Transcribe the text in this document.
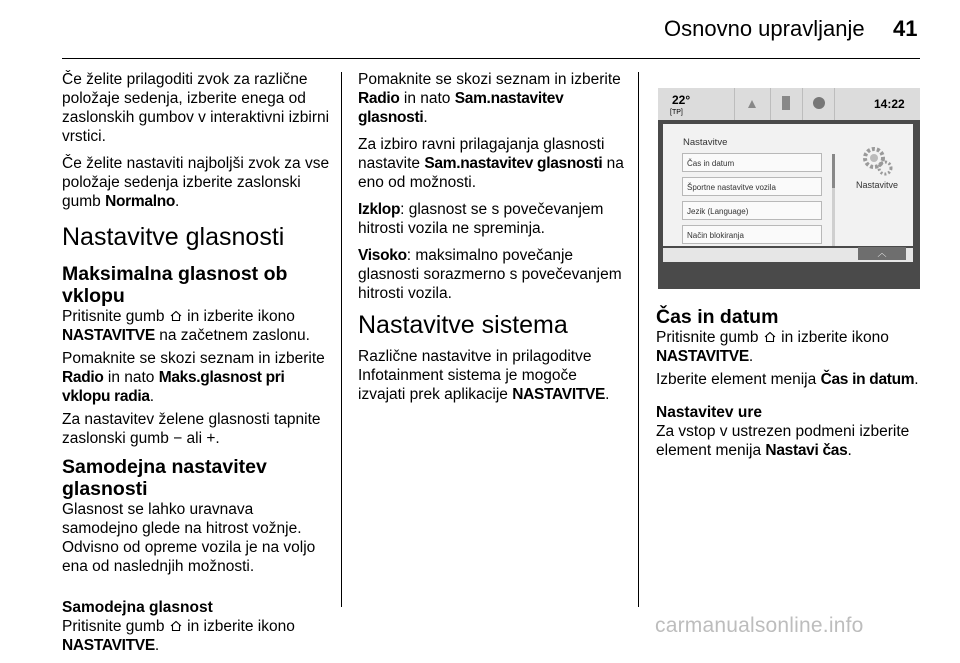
Osnovno upravljanje 41

Če želite prilagoditi zvok za različne položaje sedenja, izberite enega od zaslonskih gumbov v interaktivni izbirni vrstici.

Če želite nastaviti najboljši zvok za vse položaje sedenja izberite zaslonski gumb Normalno.

Nastavitve glasnosti
Maksimalna glasnost ob vklopu

Pritisnite gumb
in izberite ikono
NASTAVITVE na začetnem zaslonu.

Pomaknite se skozi seznam in izberite Radio in nato Maks.glasnost pri vklopu radia.

Za nastavitev želene glasnosti tapnite zaslonski gumb − ali +.

Samodejna nastavitev glasnosti

Glasnost se lahko uravnava samodejno glede na hitrost vožnje. Odvisno od opreme vozila je na voljo ena od naslednjih možnosti.

Samodejna glasnost

Pritisnite gumb
in izberite ikono
NASTAVITVE.

Pomaknite se skozi seznam in izberite Radio in nato Sam.nastavitev glasnosti.

Za izbiro ravni prilagajanja glasnosti nastavite Sam.nastavitev glasnosti na eno od možnosti.

Izklop: glasnost se s povečevanjem hitrosti vozila ne spreminja.

Visoko: maksimalno povečanje glasnosti sorazmerno s povečevanjem hitrosti vozila.

Nastavitve sistema

Različne nastavitve in prilagoditve Infotainment sistema je mogoče izvajati prek aplikacije NASTAVITVE.

22°
[TP]
14:22
Nastavitve
Čas in datum
Športne nastavitve vozila
Jezik (Language)
Način blokiranja
Nastavitve
︿
Čas in datum

Pritisnite gumb
in izberite ikono
NASTAVITVE.

Izberite element menija Čas in datum.

Nastavitev ure

Za vstop v ustrezen podmeni izberite element menija Nastavi čas.

carmanualsonline.info
